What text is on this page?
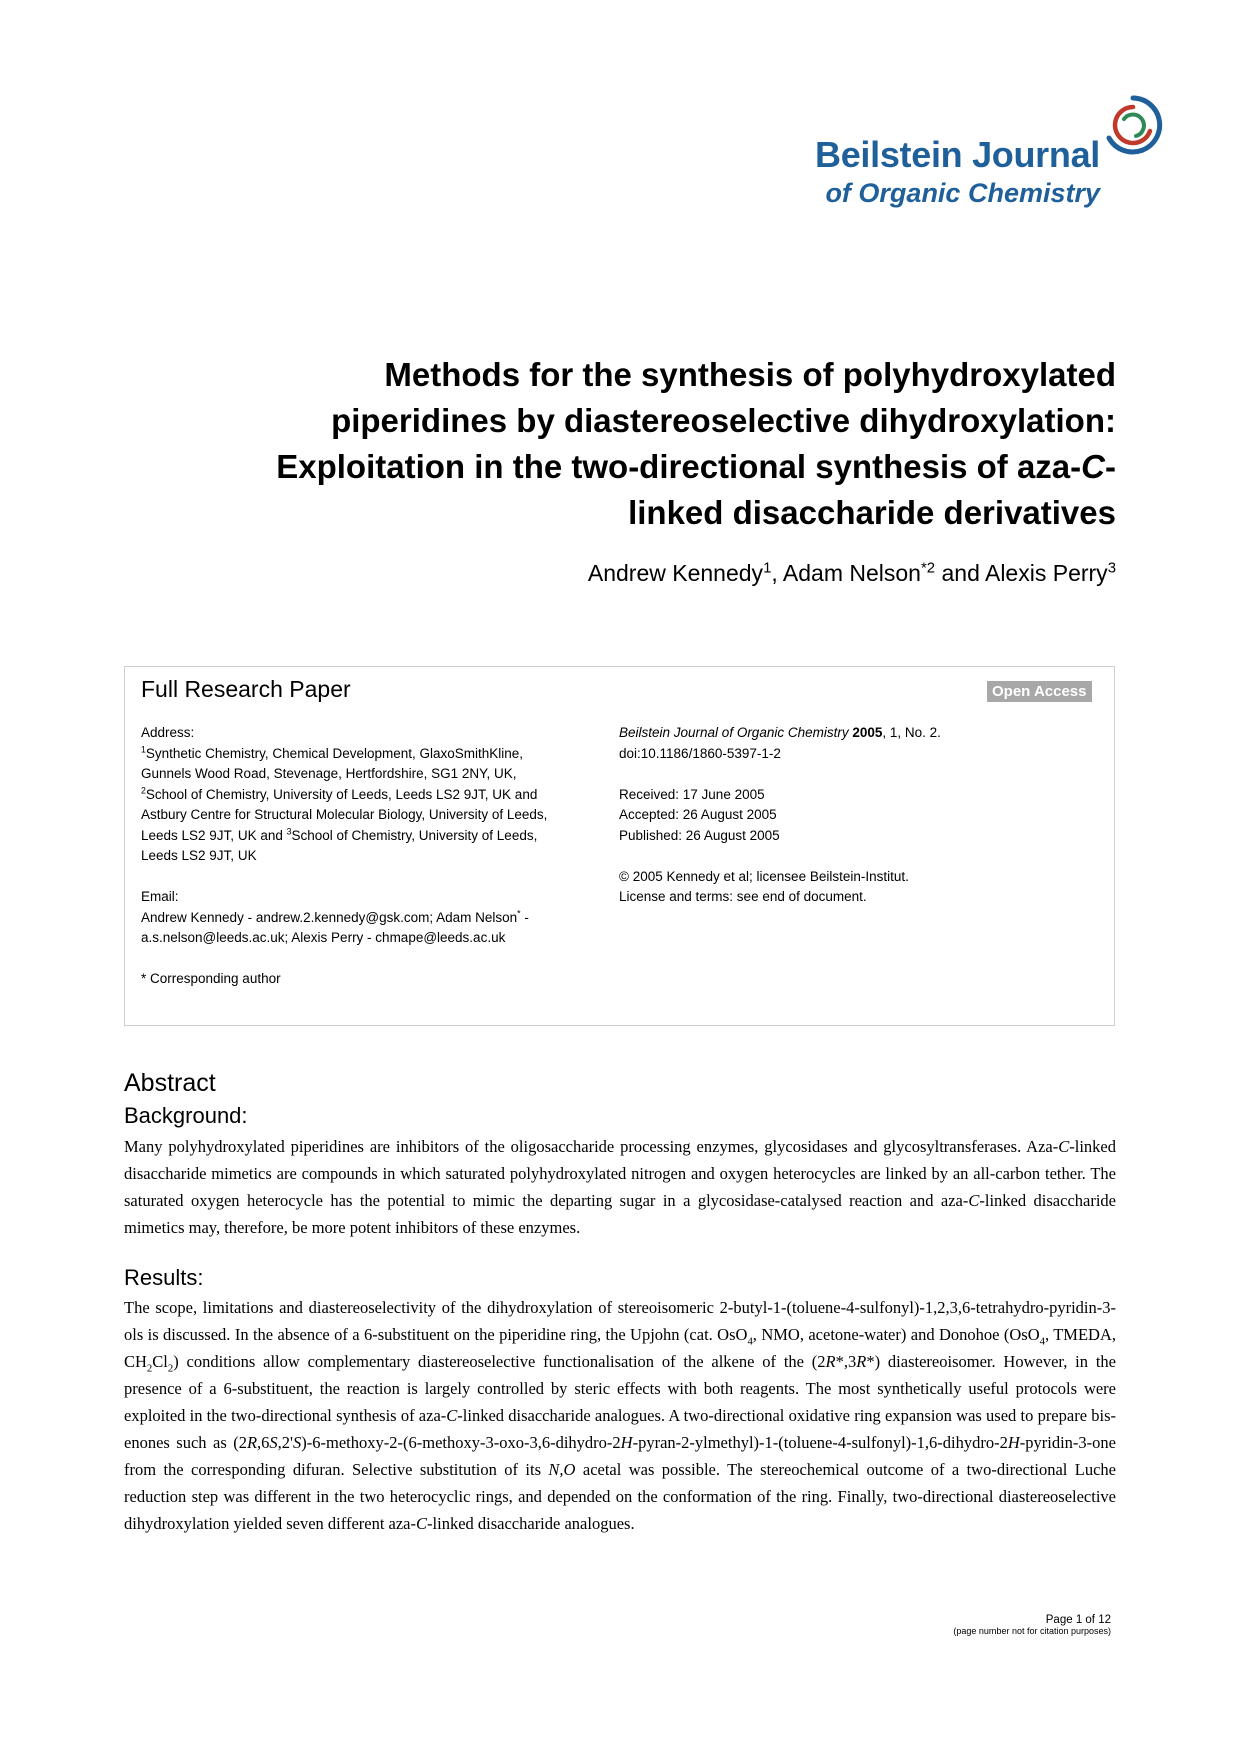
Beilstein Journal
of Organic Chemistry
Methods for the synthesis of polyhydroxylated
piperidines by diastereoselective dihydroxylation:
Exploitation in the two-directional synthesis of aza-C-
linked disaccharide derivatives
Andrew Kennedy$^1$, Adam Nelson$^{*2}$ and Alexis Perry$^3$
Full Research Paper	Open Access
Address:
$^1$Synthetic Chemistry, Chemical Development, GlaxoSmithKline,
Gunnels Wood Road, Stevenage, Hertfordshire, SG1 2NY, UK,
$^2$School of Chemistry, University of Leeds, Leeds LS2 9JT, UK and
Astbury Centre for Structural Molecular Biology, University of Leeds,
Leeds LS2 9JT, UK and $^3$School of Chemistry, University of Leeds,
Leeds LS2 9JT, UK
Email:
Andrew Kennedy - andrew.2.kennedy@gsk.com; Adam Nelson* -
a.s.nelson@leeds.ac.uk; Alexis Perry - chmape@leeds.ac.uk
* Corresponding author
Beilstein Journal of Organic Chemistry 2005, 1, No. 2.
doi:10.1186/1860-5397-1-2
Received: 17 June 2005
Accepted: 26 August 2005
Published: 26 August 2005
© 2005 Kennedy et al; licensee Beilstein-Institut.
License and terms: see end of document.
Abstract
Background:
Many polyhydroxylated piperidines are inhibitors of the oligosaccharide processing enzymes, glycosidases and glycosyltransferases. Aza-C-linked disaccharide mimetics are compounds in which saturated polyhydroxylated nitrogen and oxygen heterocycles are linked by an all-carbon tether. The saturated oxygen heterocycle has the potential to mimic the departing sugar in a glycosidase-catalysed reaction and aza-C-linked disaccharide mimetics may, therefore, be more potent inhibitors of these enzymes.
Results:
The scope, limitations and diastereoselectivity of the dihydroxylation of stereoisomeric 2-butyl-1-(toluene-4-sulfonyl)-1,2,3,6-tetrahydro-pyridin-3-ols is discussed. In the absence of a 6-substituent on the piperidine ring, the Upjohn (cat. OsO$_4$, NMO, acetone-water) and Donohoe (OsO$_4$, TMEDA, $CH_2Cl_2$) conditions allow complementary diastereoselective functionalisation of the alkene of the (2R*,3R*) diastereoisomer. However, in the presence of a 6-substituent, the reaction is largely controlled by steric effects with both reagents. The most synthetically useful protocols were exploited in the two-directional synthesis of aza-C-linked disaccharide analogues. A two-directional oxidative ring expansion was used to prepare bis-enones such as (2R,6S,2'S)-6-methoxy-2-(6-methoxy-3-oxo-3,6-dihydro-2H-pyran-2-ylmethyl)-1-(toluene-4-sulfonyl)-1,6-dihydro-2H-pyridin-3-one from the corresponding difuran. Selective substitution of its N,O acetal was possible. The stereochemical outcome of a two-directional Luche reduction step was different in the two heterocyclic rings, and depended on the conformation of the ring. Finally, two-directional diastereoselective dihydroxylation yielded seven different aza-C-linked disaccharide analogues.
Page 1 of 12
(page number not for citation purposes)
